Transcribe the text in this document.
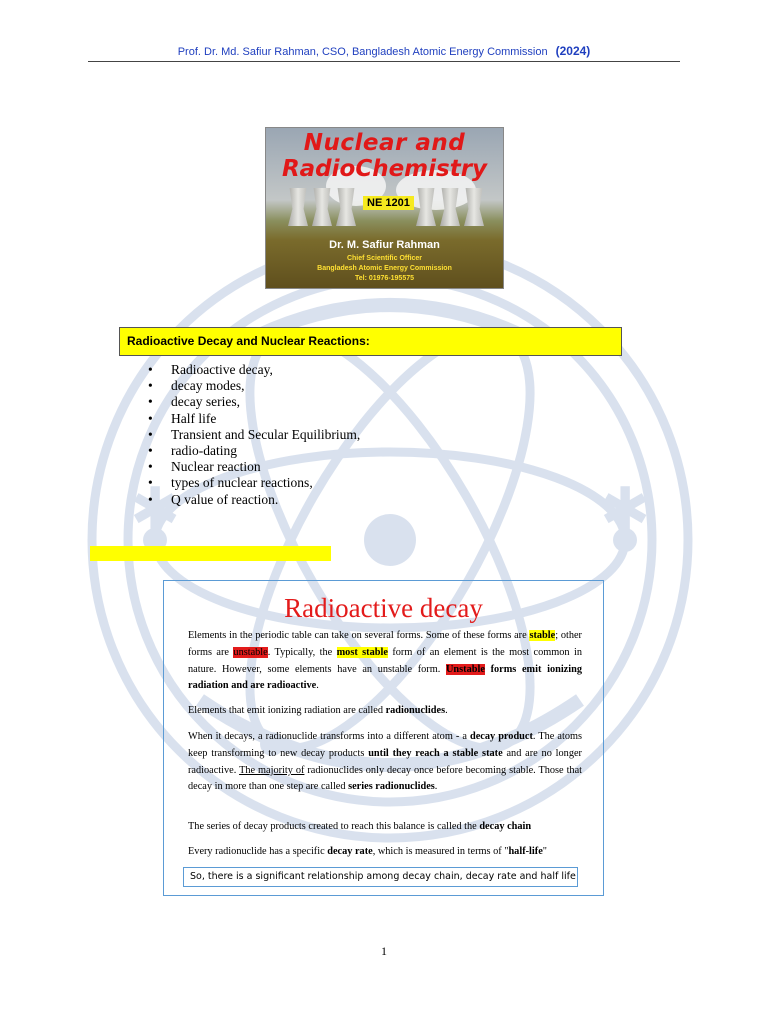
✱	✱
Prof. Dr. Md. Safiur Rahman, CSO, Bangladesh Atomic Energy Commission (2024)
Nuclear and
RadioChemistry
NE 1201
Dr. M. Safiur Rahman
Chief Scientific Officer
Bangladesh Atomic Energy Commission
Tel: 01976-195575
Radioactive Decay and Nuclear Reactions:
• Radioactive decay,
• decay modes,
• decay series,
• Half life
• Transient and Secular Equilibrium,
• radio-dating
• Nuclear reaction
• types of nuclear reactions,
• Q value of reaction.
Radioactive decay
Elements in the periodic table can take on several forms. Some of these forms are stable; other forms are unstable. Typically, the most stable form of an element is the most common in nature. However, some elements have an unstable form. Unstable forms emit ionizing radiation and are radioactive.
Elements that emit ionizing radiation are called radionuclides.
When it decays, a radionuclide transforms into a different atom - a decay product. The atoms keep transforming to new decay products until they reach a stable state and are no longer radioactive. The majority of radionuclides only decay once before becoming stable. Those that decay in more than one step are called series radionuclides.
The series of decay products created to reach this balance is called the decay chain
Every radionuclide has a specific decay rate, which is measured in terms of "half-life"
So, there is a significant relationship among decay chain, decay rate and half life
1
